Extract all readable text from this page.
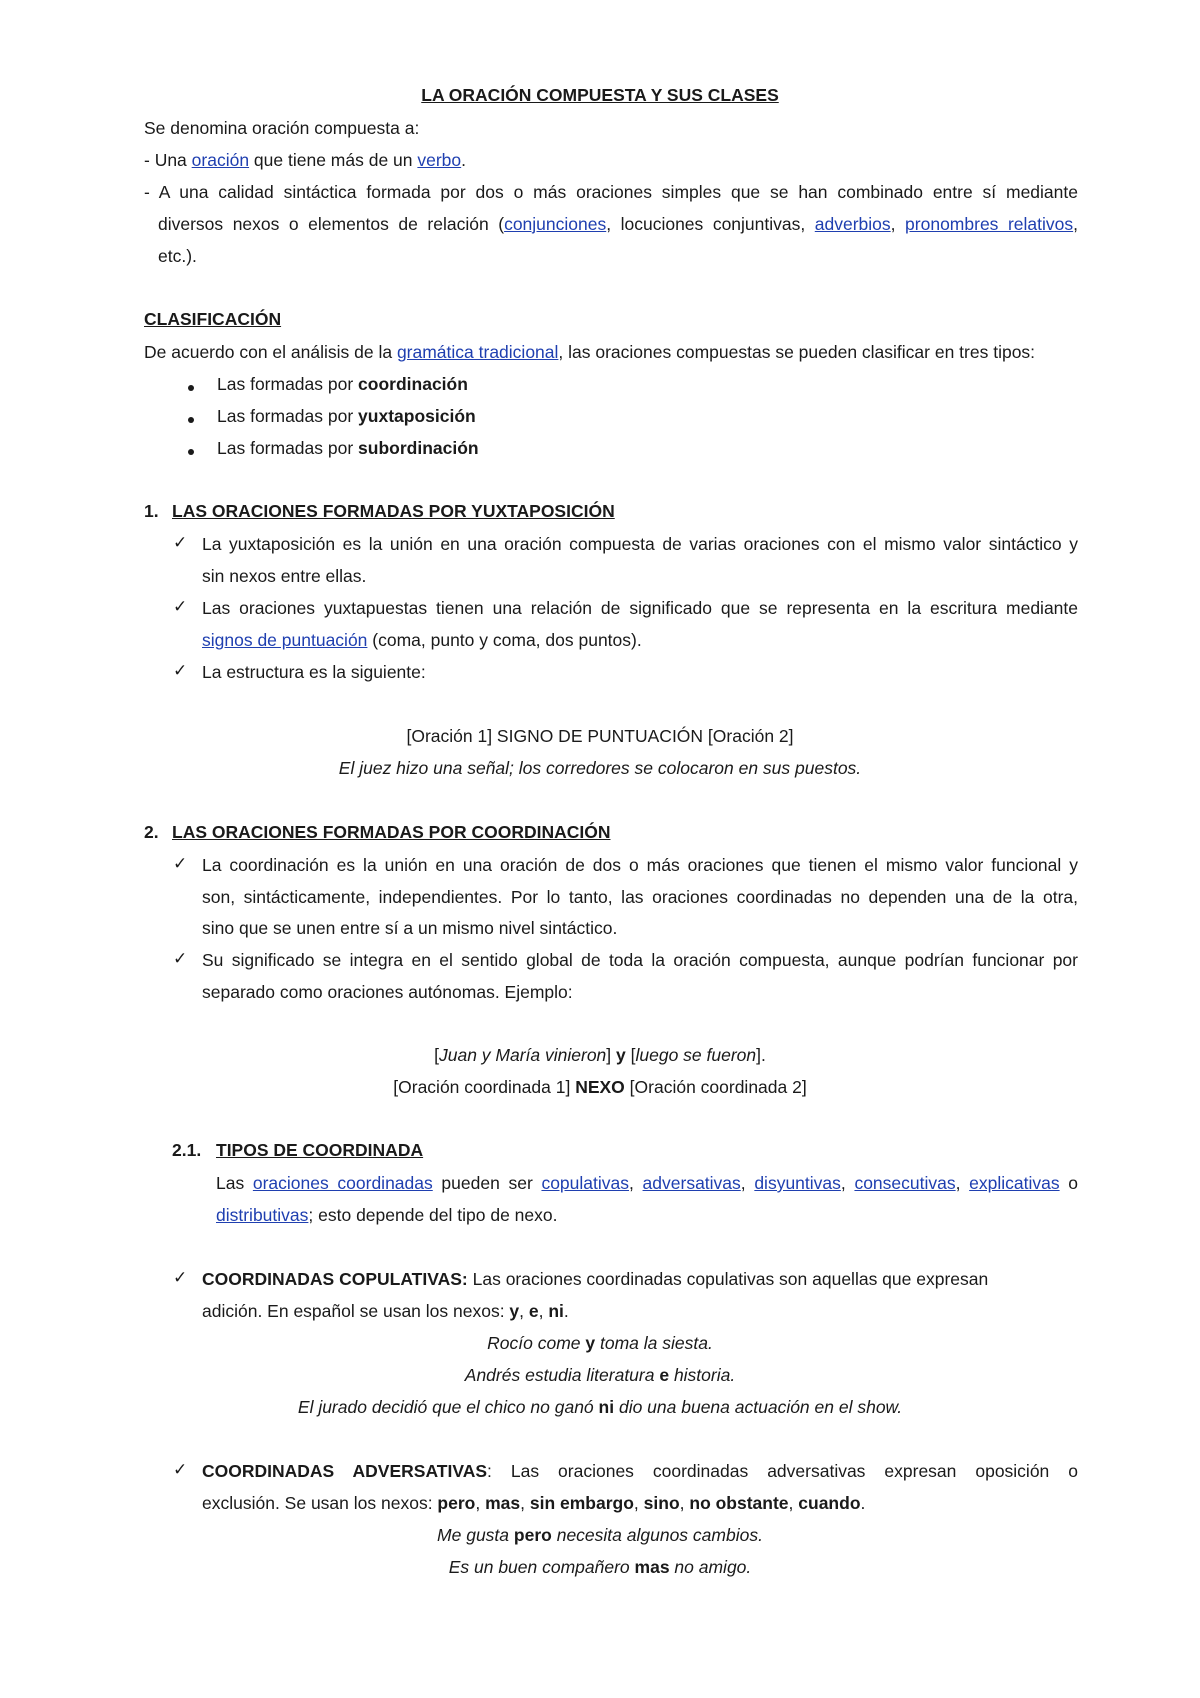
LA ORACIÓN COMPUESTA Y SUS CLASES
Se denomina oración compuesta a:
- Una oración que tiene más de un verbo.
- A una calidad sintáctica formada por dos o más oraciones simples que se han combinado entre sí mediante
diversos nexos o elementos de relación (conjunciones, locuciones conjuntivas, adverbios, pronombres relativos,
etc.).
CLASIFICACIÓN
De acuerdo con el análisis de la gramática tradicional, las oraciones compuestas se pueden clasificar en tres tipos:
Las formadas por coordinación
Las formadas por yuxtaposición
Las formadas por subordinación
1. LAS ORACIONES FORMADAS POR YUXTAPOSICIÓN
✓ La yuxtaposición es la unión en una oración compuesta de varias oraciones con el mismo valor sintáctico y
sin nexos entre ellas.
✓ Las oraciones yuxtapuestas tienen una relación de significado que se representa en la escritura mediante
signos de puntuación (coma, punto y coma, dos puntos).
✓ La estructura es la siguiente:
[Oración 1] SIGNO DE PUNTUACIÓN [Oración 2]
El juez hizo una señal; los corredores se colocaron en sus puestos.
2. LAS ORACIONES FORMADAS POR COORDINACIÓN
✓ La coordinación es la unión en una oración de dos o más oraciones que tienen el mismo valor funcional y
son, sintácticamente, independientes. Por lo tanto, las oraciones coordinadas no dependen una de la otra,
sino que se unen entre sí a un mismo nivel sintáctico.
✓ Su significado se integra en el sentido global de toda la oración compuesta, aunque podrían funcionar por
separado como oraciones autónomas. Ejemplo:
[Juan y María vinieron] y [luego se fueron].
[Oración coordinada 1] NEXO [Oración coordinada 2]
2.1. TIPOS DE COORDINADA
Las oraciones coordinadas pueden ser copulativas, adversativas, disyuntivas, consecutivas, explicativas o
distributivas; esto depende del tipo de nexo.
✓ COORDINADAS COPULATIVAS: Las oraciones coordinadas copulativas son aquellas que expresan
adición. En español se usan los nexos: y, e, ni.
Rocío come y toma la siesta.
Andrés estudia literatura e historia.
El jurado decidió que el chico no ganó ni dio una buena actuación en el show.
✓ COORDINADAS ADVERSATIVAS: Las oraciones coordinadas adversativas expresan oposición o
exclusión. Se usan los nexos: pero, mas, sin embargo, sino, no obstante, cuando.
Me gusta pero necesita algunos cambios.
Es un buen compañero mas no amigo.
